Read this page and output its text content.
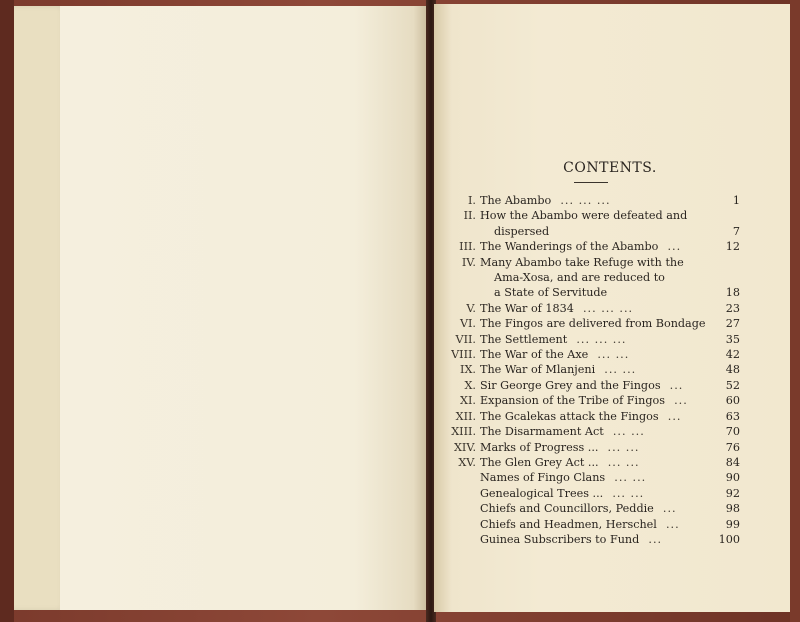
CONTENTS.
I. The Abambo  ... ... ...	1
II. How the Abambo were defeated and
dispersed	7
III. The Wanderings of the Abambo  ...	12
IV. Many Abambo take Refuge with the
Ama-Xosa, and are reduced to
a State of Servitude	18
V. The War of 1834  ... ... ...	23
VI. The Fingos are delivered from Bondage	27
VII. The Settlement  ... ... ...	35
VIII. The War of the Axe  ... ...	42
IX. The War of Mlanjeni  ... ...	48
X. Sir George Grey and the Fingos  ...	52
XI. Expansion of the Tribe of Fingos  ...	60
XII. The Gcalekas attack the Fingos  ...	63
XIII. The Disarmament Act  ... ...	70
XIV. Marks of Progress ...  ... ...	76
XV. The Glen Grey Act ...  ... ...	84
Names of Fingo Clans  ... ...	90
Genealogical Trees ...  ... ...	92
Chiefs and Councillors, Peddie  ...	98
Chiefs and Headmen, Herschel  ...	99
Guinea Subscribers to Fund  ...	100
